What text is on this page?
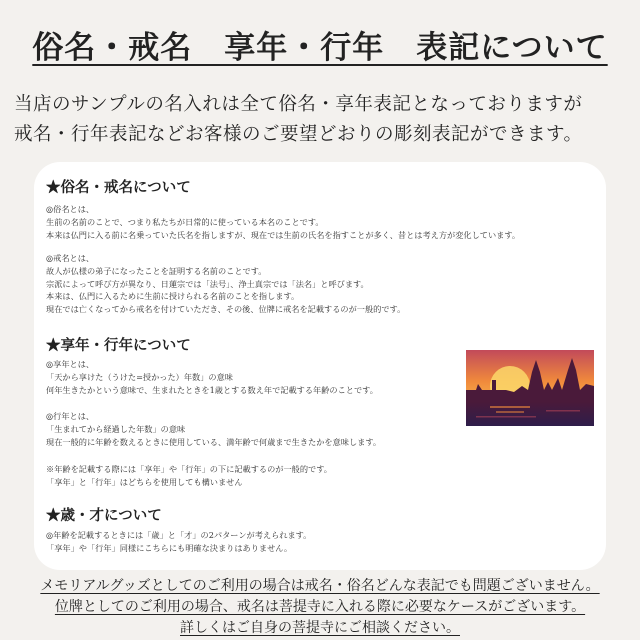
俗名・戒名　享年・行年　表記について

当店のサンプルの名入れは全て俗名・享年表記となっておりますが

戒名・行年表記などお客様のご要望どおりの彫刻表記ができます。

★俗名・戒名について
◎俗名とは、
生前の名前のことで、つまり私たちが日常的に使っている本名のことです。
本来は仏門に入る前に名乗っていた氏名を指しますが、現在では生前の氏名を指すことが多く、昔とは考え方が変化しています。
◎戒名とは、
故人が仏様の弟子になったことを証明する名前のことです。
宗派によって呼び方が異なり、日蓮宗では「法号」、浄土真宗では「法名」と呼びます。
本来は、仏門に入るために生前に授けられる名前のことを指します。
現在では亡くなってから戒名を付けていただき、その後、位牌に戒名を記載するのが一般的です。
★享年・行年について
◎享年とは、
「天から享けた（うけた=授かった）年数」の意味
何年生きたかという意味で、生まれたときを1歳とする数え年で記載する年齢のことです。
◎行年とは、
「生まれてから経過した年数」の意味
現在一般的に年齢を数えるときに使用している、満年齢で何歳まで生きたかを意味します。
※年齢を記載する際には「享年」や「行年」の下に記載するのが一般的です。
「享年」と「行年」はどちらを使用しても構いません
★歳・才について
◎年齢を記載するときには「歳」と「才」の2パターンが考えられます。
「享年」や「行年」同様にこちらにも明確な決まりはありません。

メモリアルグッズとしてのご利用の場合は戒名・俗名どんな表記でも問題ございません。

位牌としてのご利用の場合、戒名は菩提寺に入れる際に必要なケースがございます。

詳しくはご自身の菩提寺にご相談ください。
